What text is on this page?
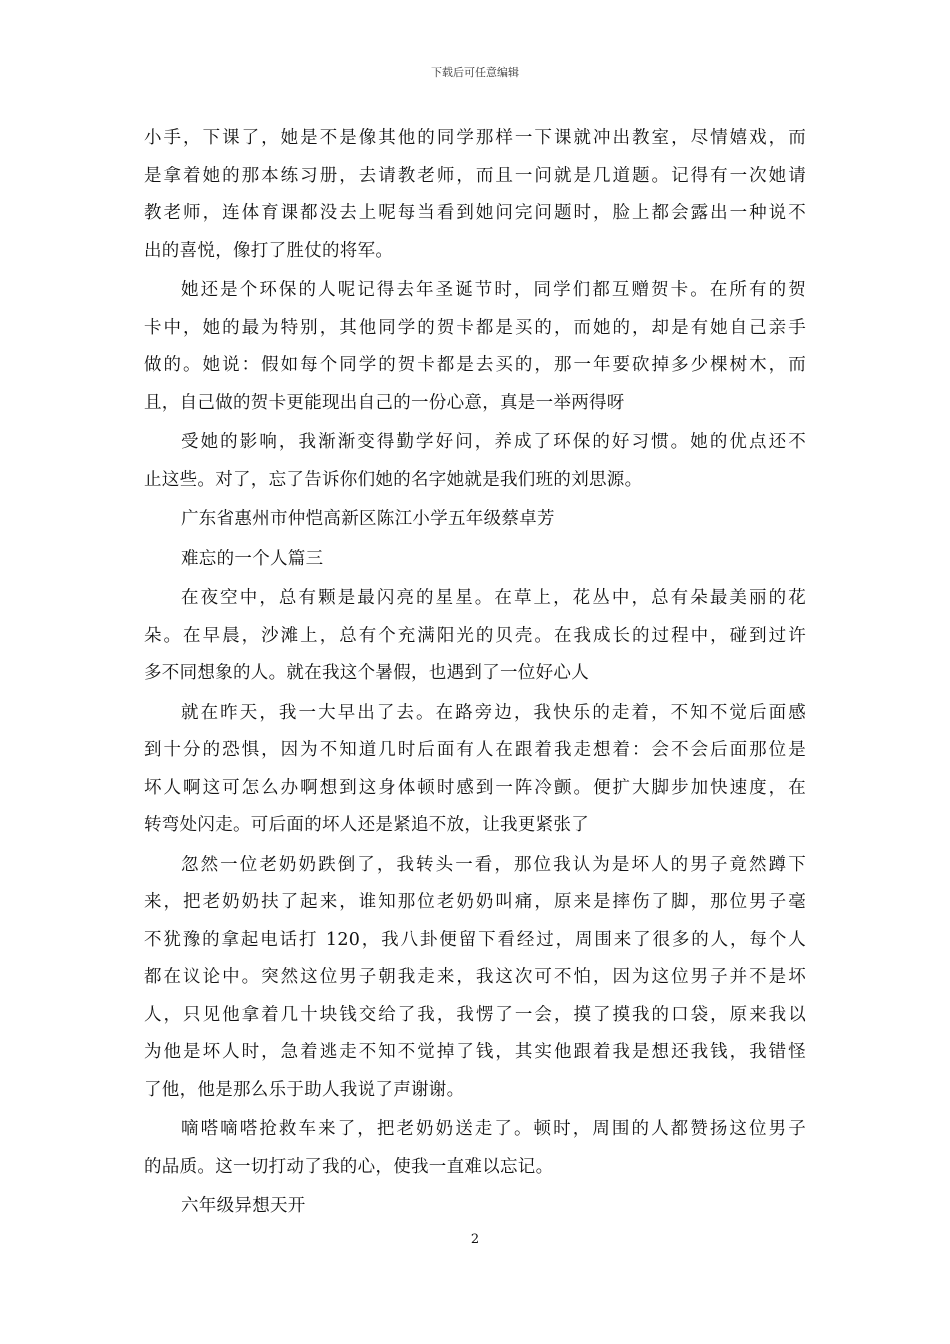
下载后可任意编辑
小手，下课了，她是不是像其他的同学那样一下课就冲出教室，尽情嬉戏，而
是拿着她的那本练习册，去请教老师，而且一问就是几道题。记得有一次她请
教老师，连体育课都没去上呢每当看到她问完问题时，脸上都会露出一种说不
出的喜悦，像打了胜仗的将军。
她还是个环保的人呢记得去年圣诞节时，同学们都互赠贺卡。在所有的贺
卡中，她的最为特别，其他同学的贺卡都是买的，而她的，却是有她自己亲手
做的。她说：假如每个同学的贺卡都是去买的，那一年要砍掉多少棵树木，而
且，自己做的贺卡更能现出自己的一份心意，真是一举两得呀
受她的影响，我渐渐变得勤学好问，养成了环保的好习惯。她的优点还不
止这些。对了，忘了告诉你们她的名字她就是我们班的刘思源。
广东省惠州市仲恺高新区陈江小学五年级蔡卓芳
难忘的一个人篇三
在夜空中，总有颗是最闪亮的星星。在草上，花丛中，总有朵最美丽的花
朵。在早晨，沙滩上，总有个充满阳光的贝壳。在我成长的过程中，碰到过许
多不同想象的人。就在我这个暑假，也遇到了一位好心人
就在昨天，我一大早出了去。在路旁边，我快乐的走着，不知不觉后面感
到十分的恐惧，因为不知道几时后面有人在跟着我走想着：会不会后面那位是
坏人啊这可怎么办啊想到这身体顿时感到一阵冷颤。便扩大脚步加快速度，在
转弯处闪走。可后面的坏人还是紧追不放，让我更紧张了
忽然一位老奶奶跌倒了，我转头一看，那位我认为是坏人的男子竟然蹲下
来，把老奶奶扶了起来，谁知那位老奶奶叫痛，原来是摔伤了脚，那位男子毫
不犹豫的拿起电话打 120，我八卦便留下看经过，周围来了很多的人，每个人
都在议论中。突然这位男子朝我走来，我这次可不怕，因为这位男子并不是坏
人，只见他拿着几十块钱交给了我，我愣了一会，摸了摸我的口袋，原来我以
为他是坏人时，急着逃走不知不觉掉了钱，其实他跟着我是想还我钱，我错怪
了他，他是那么乐于助人我说了声谢谢。
嘀嗒嘀嗒抢救车来了，把老奶奶送走了。顿时，周围的人都赞扬这位男子
的品质。这一切打动了我的心，使我一直难以忘记。
六年级异想天开
2
